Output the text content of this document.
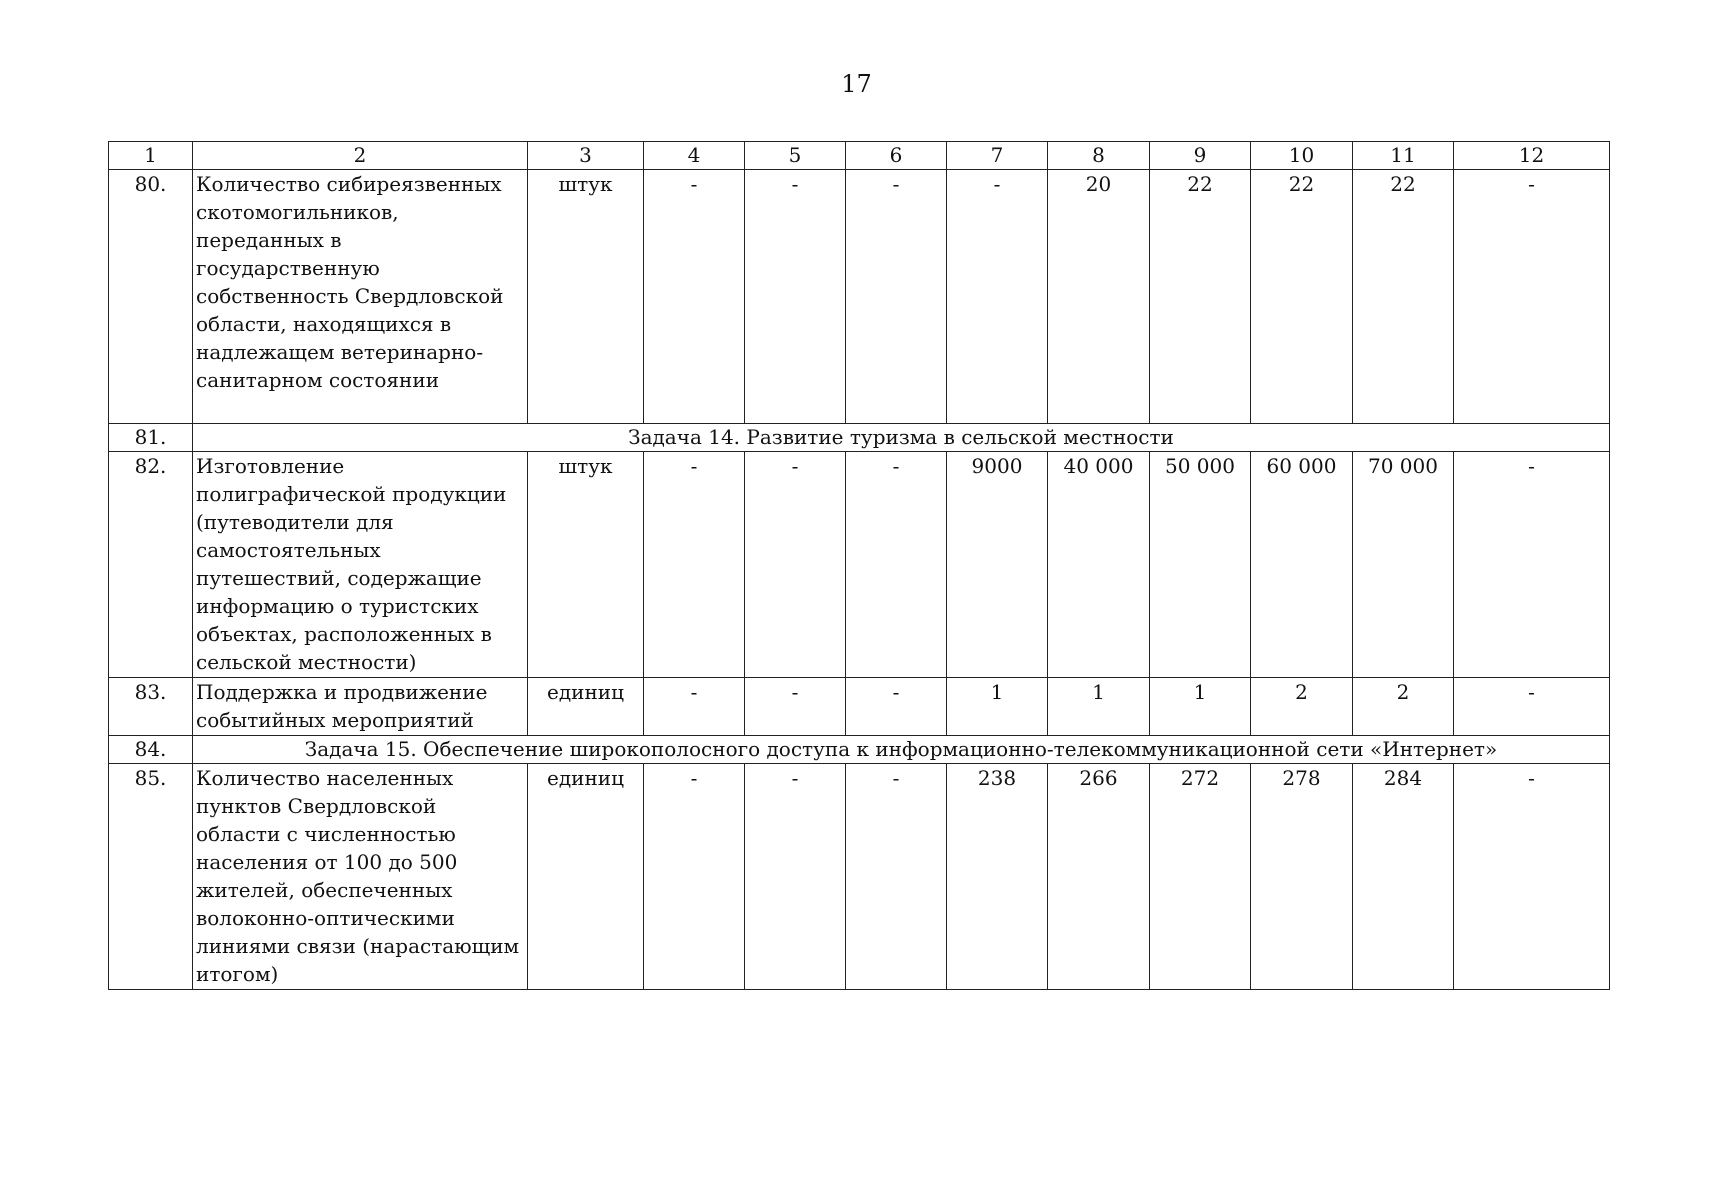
17
1	2	3	4	5	6	7	8	9	10	11	12
80.	Количество сибиреязвенных скотомогильников, переданных в государственную собственность Свердловской области, находящихся в надлежащем ветеринарно-санитарном состоянии	штук	-	-	-	-	20	22	22	22	-
81.	Задача 14. Развитие туризма в сельской местности										
82.	Изготовление полиграфической продукции (путеводители для самостоятельных путешествий, содержащие информацию о туристских объектах, расположенных в сельской местности)	штук	-	-	-	9000	40 000	50 000	60 000	70 000	-
83.	Поддержка и продвижение событийных мероприятий	единиц	-	-	-	1	1	1	2	2	-
84.	Задача 15. Обеспечение широкополосного доступа к информационно-телекоммуникационной сети «Интернет»										
85.	Количество населенных пунктов Свердловской области с численностью населения от 100 до 500 жителей, обеспеченных волоконно-оптическими линиями связи (нарастающим итогом)	единиц	-	-	-	238	266	272	278	284	-
